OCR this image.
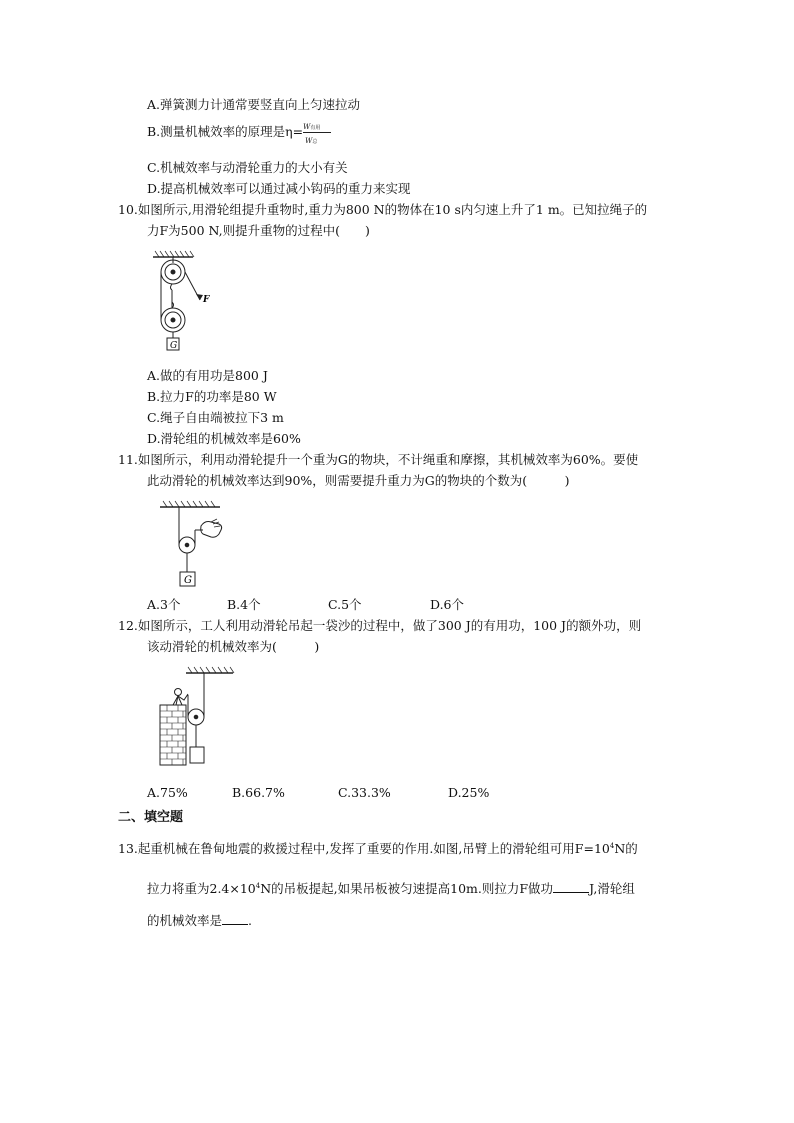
A.弹簧测力计通常要竖直向上匀速拉动
B.测量机械效率的原理是$\eta= \frac{\text{W有用}}{\text{W总}}$
C.机械效率与动滑轮重力的大小有关
D.提高机械效率可以通过减小钩码的重力来实现
10.如图所示,用滑轮组提升重物时,重力为800 N的物体在10 s内匀速上升了1 m。已知拉绳子的
力F为500 N,则提升重物的过程中(　　)
F
G
A.做的有用功是800 J
B.拉力F的功率是80 W
C.绳子自由端被拉下3 m
D.滑轮组的机械效率是60%
11.如图所示，利用动滑轮提升一个重为G的物块，不计绳重和摩擦，其机械效率为60%。要使
此动滑轮的机械效率达到90%，则需要提升重力为G的物块的个数为(　　　)
G
A.3个	B.4个	C.5个	D.6个
12.如图所示，工人利用动滑轮吊起一袋沙的过程中，做了300 J的有用功，100 J的额外功，则
该动滑轮的机械效率为(　　　)
A.75%	B.66.7%	C.33.3%	D.25%
二、填空题
13.起重机械在鲁甸地震的救援过程中,发挥了重要的作用.如图,吊臂上的滑轮组可用$F=10^4N$的
拉力将重为$2.4\times 10^4N$的吊板提起,如果吊板被匀速提高10m.则拉力F做功	J,滑轮组
的机械效率是 .
